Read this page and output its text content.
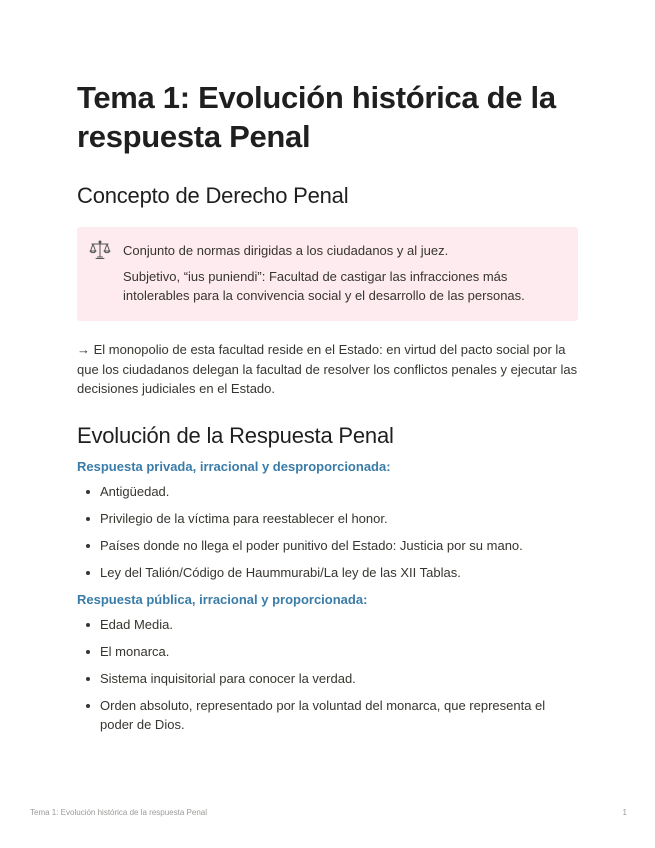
Tema 1: Evolución histórica de la respuesta Penal
Concepto de Derecho Penal

Conjunto de normas dirigidas a los ciudadanos y al juez.

Subjetivo, “ius puniendi”: Facultad de castigar las infracciones más intolerables para la convivencia social y el desarrollo de las personas.

→ El monopolio de esta facultad reside en el Estado: en virtud del pacto social por la que los ciudadanos delegan la facultad de resolver los conflictos penales y ejecutar las decisiones judiciales en el Estado.

Evolución de la Respuesta Penal

Respuesta privada, irracional y desproporcionada:

Antigüedad.
Privilegio de la víctima para reestablecer el honor.
Países donde no llega el poder punitivo del Estado: Justicia por su mano.
Ley del Talión/Código de Haummurabi/La ley de las XII Tablas.

Respuesta pública, irracional y proporcionada:

Edad Media.
El monarca.
Sistema inquisitorial para conocer la verdad.
Orden absoluto, representado por la voluntad del monarca, que representa el poder de Dios.
Tema 1: Evolución histórica de la respuesta Penal	1
